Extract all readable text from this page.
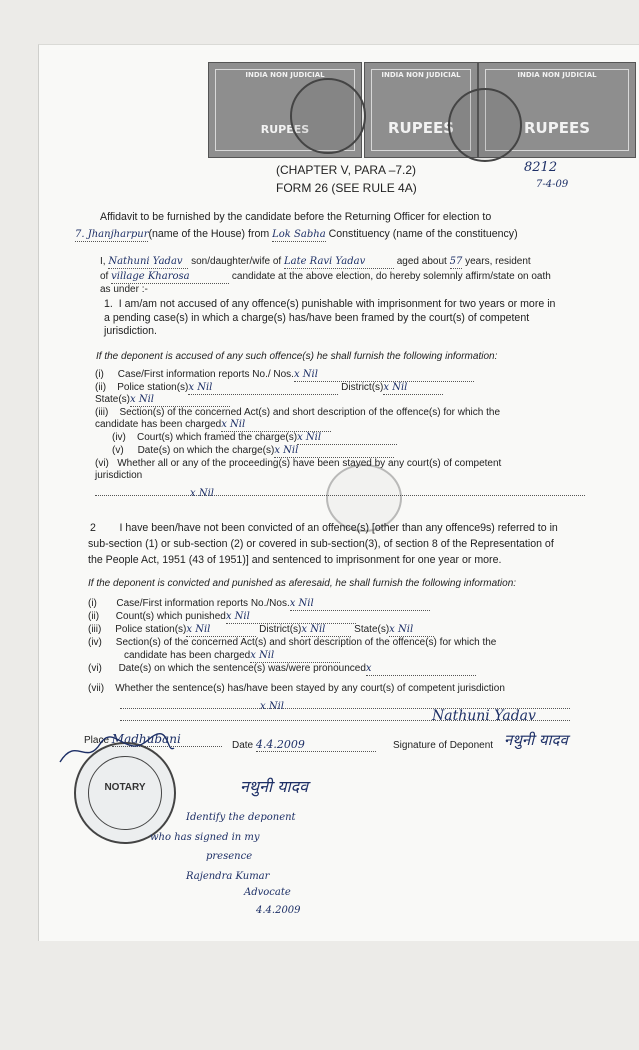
INDIA NON JUDICIAL
RUPEES
INDIA NON JUDICIAL
RUPEES
INDIA NON JUDICIAL
RUPEES
(CHAPTER V, PARA –7.2)
FORM 26 (SEE RULE 4A)
8212
7-4-09
Affidavit to be furnished by the candidate before the Returning Officer for election to
7. Jhanjharpur(name of the House) from Lok Sabha Constituency (name of the constituency)
I, Nathuni Yadav son/daughter/wife of Late Ravi Yadav	aged about 57 years, resident
of village Kharosa	candidate at the above election, do hereby solemnly affirm/state on oath
as under :-
1. I am/am not accused of any offence(s) punishable with imprisonment for two years or more in
a pending case(s) in which a charge(s) has/have been framed by the court(s) of competent
jurisdiction.
If the deponent is accused of any such offence(s) he shall furnish the following information:
(i) Case/First information reports No./ Nos.x Nil
(ii) Police station(s)x Nil	District(s)x Nil
State(s)x Nil
(iii) Section(s) of the concerned Act(s) and short description of the offence(s) for which the
candidate has been chargedx Nil
(iv) Court(s) which framed the charge(s)x Nil
(v) Date(s) on which the charge(s)x Nil
(vi) Whether all or any of the proceeding(s) have been stayed by any court(s) of competent
jurisdiction
x Nil
2 I have been/have not been convicted of an offence(s) [other than any offence9s) referred to in
sub-section (1) or sub-section (2) or covered in sub-section(3), of section 8 of the Representation of
the People Act, 1951 (43 of 1951)] and sentenced to imprisonment for one year or more.
If the deponent is convicted and punished as aferesaid, he shall furnish the following information:
(i) Case/First information reports No./Nos.x Nil
(ii) Count(s) which punishedx Nil
(iii) Police station(s)x Nil	District(s)x Nil	State(s)x Nil
(iv) Section(s) of the concerned Act(s) and short description of the offence(s) for which the
candidate has been chargedx Nil
(vi) Date(s) on which the sentence(s) was/were pronouncedx
(vii) Whether the sentence(s) has/have been stayed by any court(s) of competent jurisdiction
x Nil
Place Madhubani	Date 4.4.2009	Signature of Deponent
Nathuni Yadav
नथुनी यादव
NOTARY	नथुनी यादव
Identify the deponent
who has signed in my
presence
Rajendra Kumar
Advocate
4.4.2009
